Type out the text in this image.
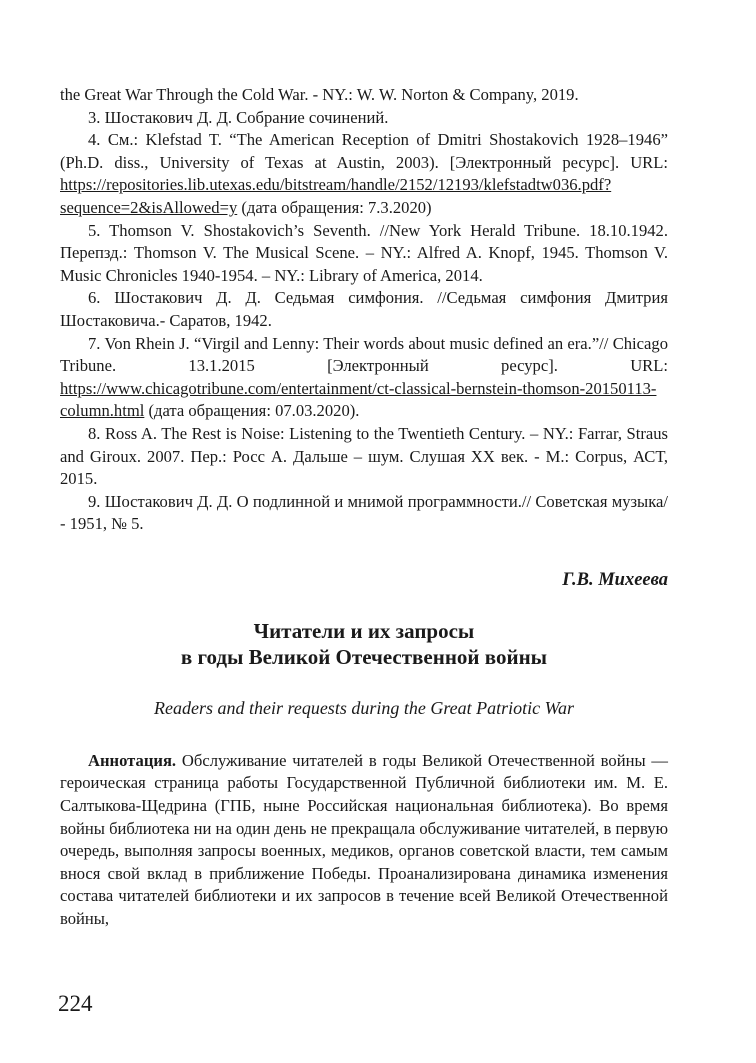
the Great War Through the Cold War. - NY.: W. W. Norton & Company, 2019.

3. Шостакович Д. Д. Собрание сочинений.

4. См.: Klefstad T. “The American Reception of Dmitri Shostakovich 1928–1946” (Ph.D. diss., University of Texas at Austin, 2003). [Электронный ресурс]. URL: https://repositories.lib.utexas.edu/bitstream/handle/2152/12193/klefstadtw036.pdf?sequence=2&isAllowed=y (дата обращения: 7.3.2020)

5. Thomson V. Shostakovich’s Seventh. //New York Herald Tribune. 18.10.1942. Перепзд.: Thomson V. The Musical Scene. – NY.: Alfred A. Knopf, 1945. Thomson V. Music Chronicles 1940-1954. – NY.: Library of America, 2014.

6. Шостакович Д. Д. Седьмая симфония. //Седьмая симфония Дмитрия Шостаковича.- Саратов, 1942.

7. Von Rhein J. “Virgil and Lenny: Their words about music defined an era.”// Chicago Tribune. 13.1.2015 [Электронный ресурс]. URL: https://www.chicagotribune.com/entertainment/ct-classical-bernstein-thomson-20150113-column.html (дата обращения: 07.03.2020).

8. Ross A. The Rest is Noise: Listening to the Twentieth Century. – NY.: Farrar, Straus and Giroux. 2007. Пер.: Росс А. Дальше – шум. Слушая XX век. - М.: Corpus, АСТ, 2015.

9. Шостакович Д. Д. О подлинной и мнимой программности.// Советская музыка/ - 1951, № 5.

Г.В. Михеева
Читатели и их запросы
в годы Великой Отечественной войны
Readers and their requests during the Great Patriotic War

Аннотация. Обслуживание читателей в годы Великой Отечественной войны — героическая страница работы Государственной Публичной библиотеки им. М. Е. Салтыкова-Щедрина (ГПБ, ныне Российская национальная библиотека). Во время войны библиотека ни на один день не прекращала обслуживание читателей, в первую очередь, выполняя запросы военных, медиков, органов советской власти, тем самым внося свой вклад в приближение Победы. Проанализирована динамика изменения состава читателей библиотеки и их запросов в течение всей Великой Отечественной войны,

224
